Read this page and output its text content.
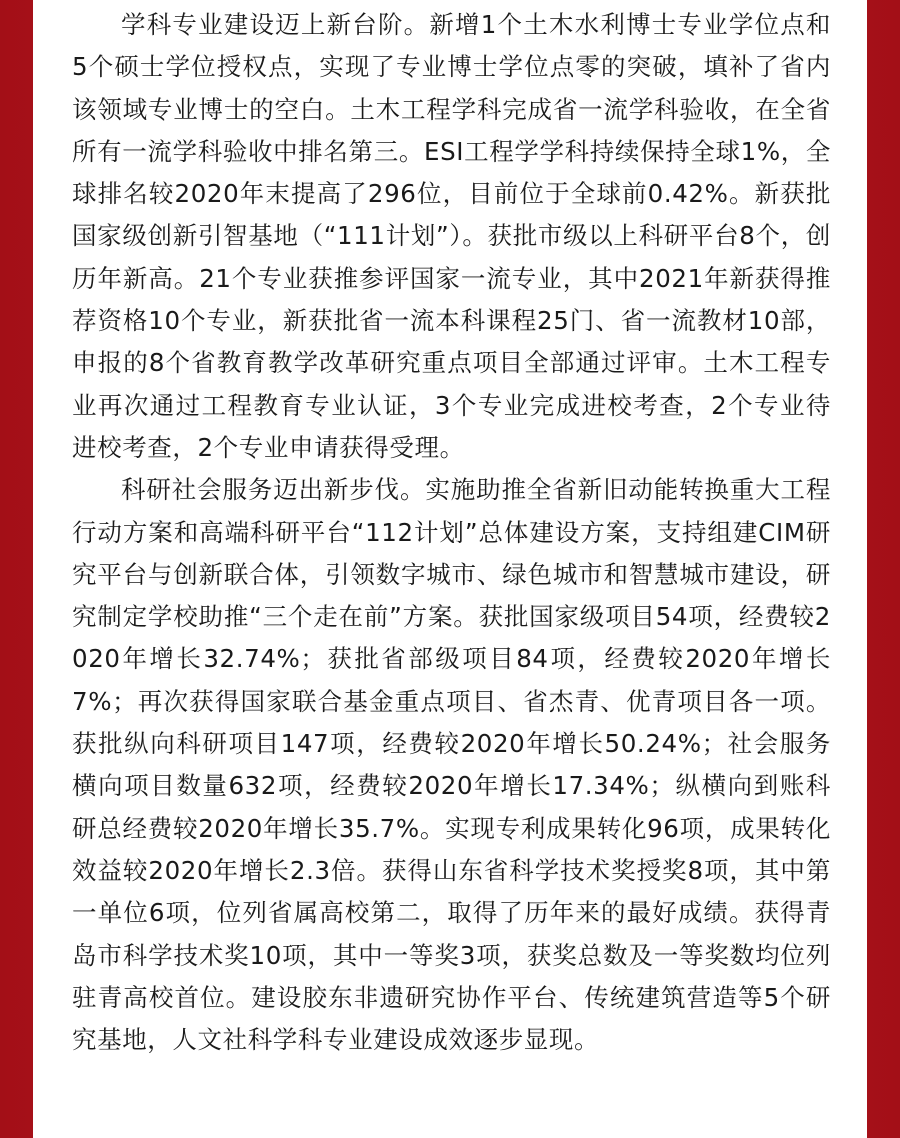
学科专业建设迈上新台阶。新增1个土木水利博士专业学位点和5个硕士学位授权点，实现了专业博士学位点零的突破，填补了省内该领域专业博士的空白。土木工程学科完成省一流学科验收，在全省所有一流学科验收中排名第三。ESI工程学学科持续保持全球1%，全球排名较2020年末提高了296位，目前位于全球前0.42%。新获批国家级创新引智基地（“111计划”）。获批市级以上科研平台8个，创历年新高。21个专业获推参评国家一流专业，其中2021年新获得推荐资格10个专业，新获批省一流本科课程25门、省一流教材10部，申报的8个省教育教学改革研究重点项目全部通过评审。土木工程专业再次通过工程教育专业认证，3个专业完成进校考查，2个专业待进校考查，2个专业申请获得受理。

科研社会服务迈出新步伐。实施助推全省新旧动能转换重大工程行动方案和高端科研平台“112计划”总体建设方案，支持组建CIM研究平台与创新联合体，引领数字城市、绿色城市和智慧城市建设，研究制定学校助推“三个走在前”方案。获批国家级项目54项，经费较2020年增长32.74%；获批省部级项目84项，经费较2020年增长7%；再次获得国家联合基金重点项目、省杰青、优青项目各一项。获批纵向科研项目147项，经费较2020年增长50.24%；社会服务横向项目数量632项，经费较2020年增长17.34%；纵横向到账科研总经费较2020年增长35.7%。实现专利成果转化96项，成果转化效益较2020年增长2.3倍。获得山东省科学技术奖授奖8项，其中第一单位6项，位列省属高校第二，取得了历年来的最好成绩。获得青岛市科学技术奖10项，其中一等奖3项，获奖总数及一等奖数均位列驻青高校首位。建设胶东非遗研究协作平台、传统建筑营造等5个研究基地，人文社科学科专业建设成效逐步显现。
